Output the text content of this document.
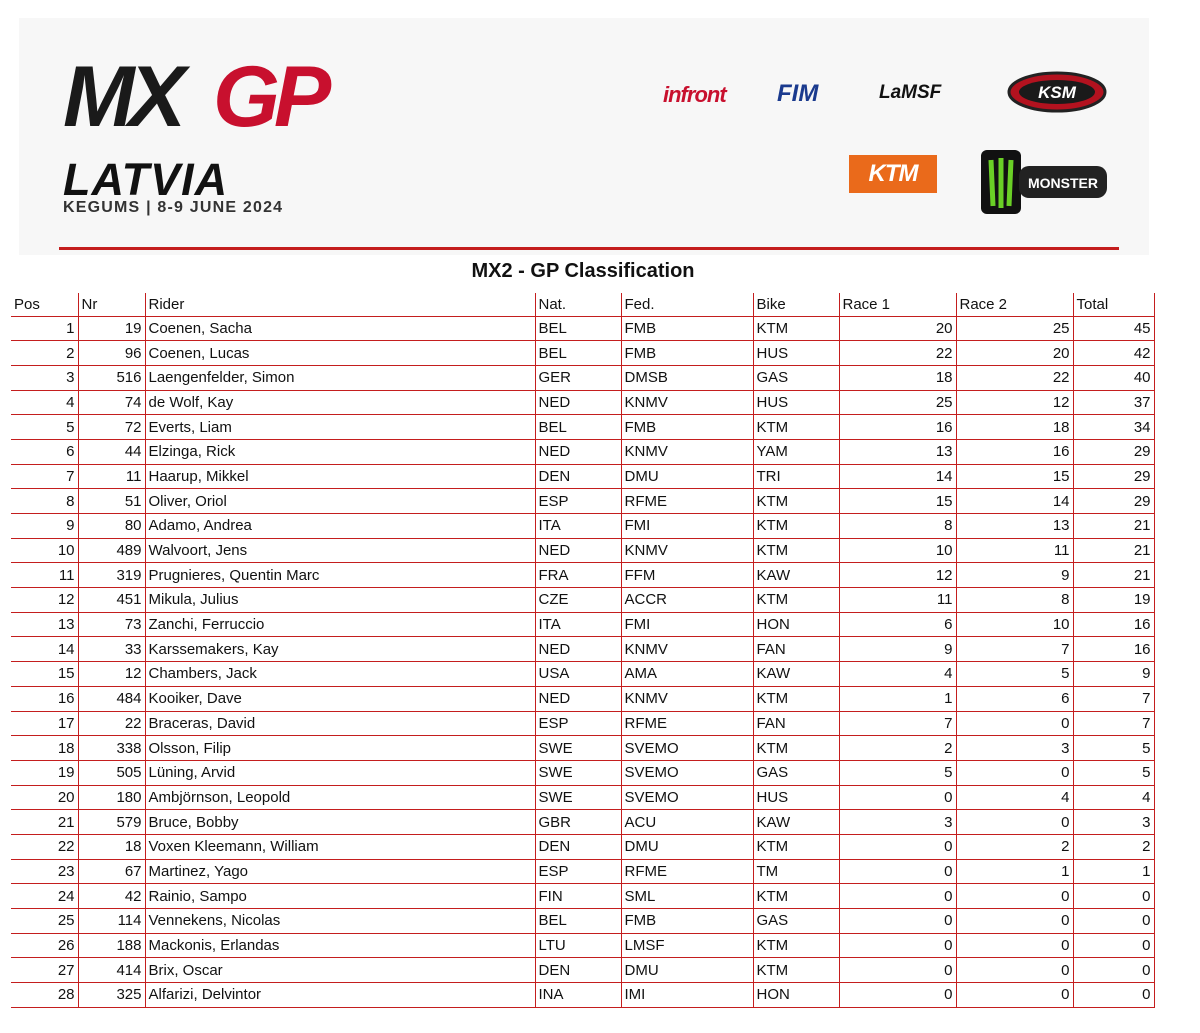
MX GP
LATVIA
KEGUMS | 8-9 JUNE 2024
infront FIM	LaMSF	KSM
KTM	MONSTER
MX2 - GP Classification
Pos	Nr	Rider	Nat.	Fed.	Bike	Race 1	Race 2	Total
1	19	Coenen, Sacha	BEL	FMB	KTM	20	25	45
2	96	Coenen, Lucas	BEL	FMB	HUS	22	20	42
3	516	Laengenfelder, Simon	GER	DMSB	GAS	18	22	40
4	74	de Wolf, Kay	NED	KNMV	HUS	25	12	37
5	72	Everts, Liam	BEL	FMB	KTM	16	18	34
6	44	Elzinga, Rick	NED	KNMV	YAM	13	16	29
7	11	Haarup, Mikkel	DEN	DMU	TRI	14	15	29
8	51	Oliver, Oriol	ESP	RFME	KTM	15	14	29
9	80	Adamo, Andrea	ITA	FMI	KTM	8	13	21
10	489	Walvoort, Jens	NED	KNMV	KTM	10	11	21
11	319	Prugnieres, Quentin Marc	FRA	FFM	KAW	12	9	21
12	451	Mikula, Julius	CZE	ACCR	KTM	11	8	19
13	73	Zanchi, Ferruccio	ITA	FMI	HON	6	10	16
14	33	Karssemakers, Kay	NED	KNMV	FAN	9	7	16
15	12	Chambers, Jack	USA	AMA	KAW	4	5	9
16	484	Kooiker, Dave	NED	KNMV	KTM	1	6	7
17	22	Braceras, David	ESP	RFME	FAN	7	0	7
18	338	Olsson, Filip	SWE	SVEMO	KTM	2	3	5
19	505	Lüning, Arvid	SWE	SVEMO	GAS	5	0	5
20	180	Ambjörnson, Leopold	SWE	SVEMO	HUS	0	4	4
21	579	Bruce, Bobby	GBR	ACU	KAW	3	0	3
22	18	Voxen Kleemann, William	DEN	DMU	KTM	0	2	2
23	67	Martinez, Yago	ESP	RFME	TM	0	1	1
24	42	Rainio, Sampo	FIN	SML	KTM	0	0	0
25	114	Vennekens, Nicolas	BEL	FMB	GAS	0	0	0
26	188	Mackonis, Erlandas	LTU	LMSF	KTM	0	0	0
27	414	Brix, Oscar	DEN	DMU	KTM	0	0	0
28	325	Alfarizi, Delvintor	INA	IMI	HON	0	0	0
